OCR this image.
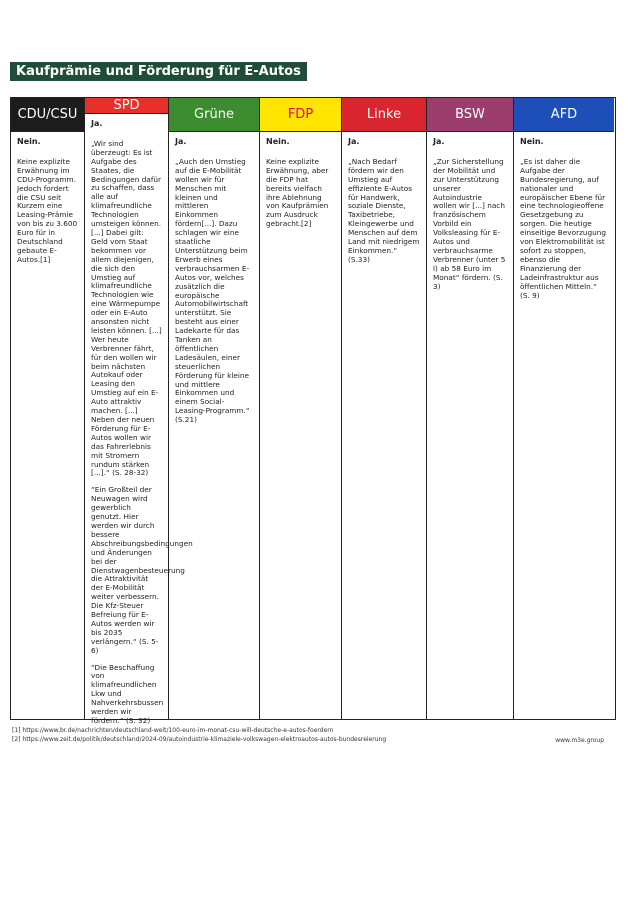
Kaufprämie und Förderung für E-Autos
CDU/CSU
Nein.

Keine explizite Erwähnung im CDU-Programm. Jedoch fordert die CSU seit Kurzem eine Leasing-Prämie von bis zu 3.600 Euro für in Deutschland gebaute E-Autos.[1]

SPD
Ja.

„Wir sind überzeugt: Es ist Aufgabe des Staates, die Bedingungen dafür zu schaffen, dass alle auf klimafreundliche Technologien umsteigen können. [...] Dabei gilt: Geld vom Staat bekommen vor allem diejenigen, die sich den Umstieg auf klimafreundliche Technologien wie eine Wärmepumpe oder ein E-Auto ansonsten nicht leisten können. [...] Wer heute Verbrenner fährt, für den wollen wir beim nächsten Autokauf oder Leasing den Umstieg auf ein E-Auto attraktiv machen. [...] Neben der neuen Förderung für E-Autos wollen wir das Fahrerlebnis mit Stromern rundum stärken [...].“ (S. 28-32)

“Ein Großteil der Neuwagen wird gewerblich genutzt. Hier werden wir durch bessere Abschreibungsbedingungen und Änderungen bei der Dienstwagenbesteuerung die Attraktivität der E-Mobilität weiter verbessern. Die Kfz-Steuer Befreiung für E-Autos werden wir bis 2035 verlängern.“ (S. 5-6)

“Die Beschaffung von klimafreundlichen Lkw und Nahverkehrsbussen werden wir fördern.“ (S. 32)

Grüne
Ja.

„Auch den Umstieg auf die E-Mobilität wollen wir für Menschen mit kleinen und mittleren Einkommen fördern[...]. Dazu schlagen wir eine staatliche Unterstützung beim Erwerb eines verbrauchsarmen E-Autos vor, welches zusätzlich die europäische Automobilwirtschaft unterstützt. Sie besteht aus einer Ladekarte für das Tanken an öffentlichen Ladesäulen, einer steuerlichen Förderung für kleine und mittlere Einkommen und einem Social-Leasing-Programm.“ (S.21)

FDP
Nein.

Keine explizite Erwähnung, aber die FDP hat bereits vielfach ihre Ablehnung von Kaufprämien zum Ausdruck gebracht.[2]

Linke
Ja.

„Nach Bedarf fördern wir den Umstieg auf effiziente E-Autos für Handwerk, soziale Dienste, Taxibetriebe, Kleingewerbe und Menschen auf dem Land mit niedrigem Einkommen.“ (S.33)

BSW
Ja.

„Zur Sicherstellung der Mobilität und zur Unterstützung unserer Autoindustrie wollen wir [...] nach französischem Vorbild ein Volksleasing für E-Autos und verbrauchsarme Verbrenner (unter 5 l) ab 58 Euro im Monat“ fördern. (S. 3)

AFD
Nein.

„Es ist daher die Aufgabe der Bundesregierung, auf nationaler und europäischer Ebene für eine technologieoffene Gesetzgebung zu sorgen. Die heutige einseitige Bevorzugung von Elektromobilität ist sofort zu stoppen, ebenso die Finanzierung der Ladeinfrastruktur aus öffentlichen Mitteln.“ (S. 9)

[1] https://www.br.de/nachrichten/deutschland-welt/100-euro-im-monat-csu-will-deutsche-e-autos-foerdern
[2] https://www.zeit.de/politik/deutschland/2024-09/autoindustrie-klimaziele-volkswagen-elektroautos-autos-bundesreierung	www.m3e.group
